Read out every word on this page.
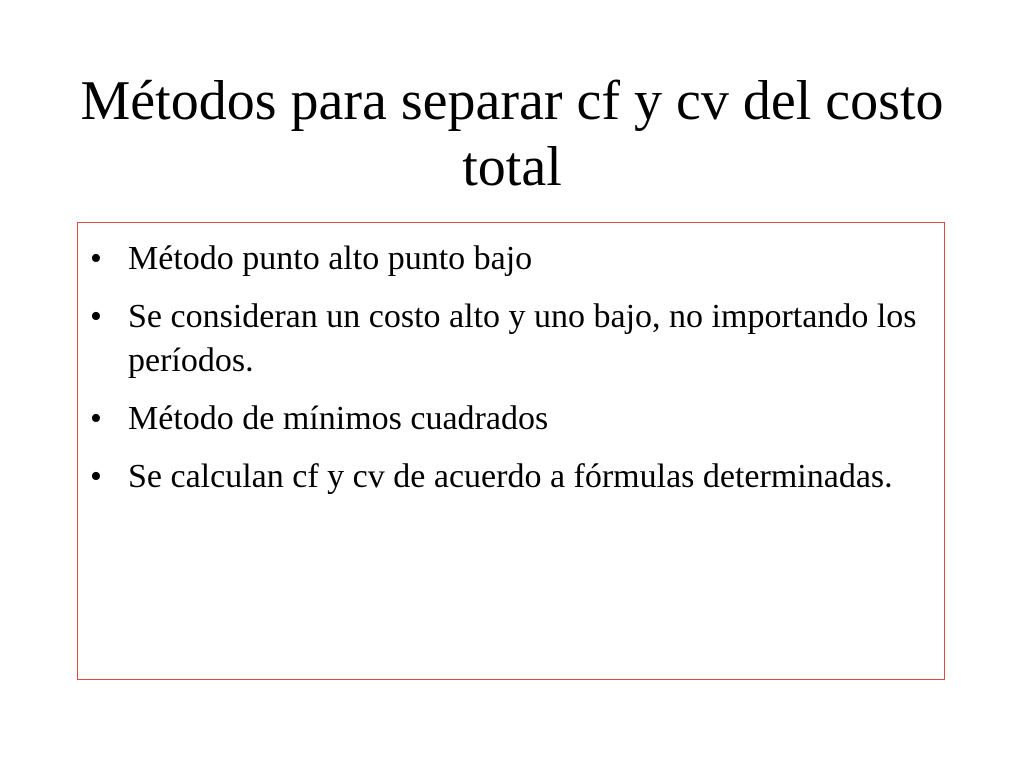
Métodos para separar cf y cv del costo total
• Método punto alto punto bajo
• Se consideran un costo alto y uno bajo, no importando los períodos.
• Método de mínimos cuadrados
• Se calculan cf y cv de acuerdo a fórmulas determinadas.
